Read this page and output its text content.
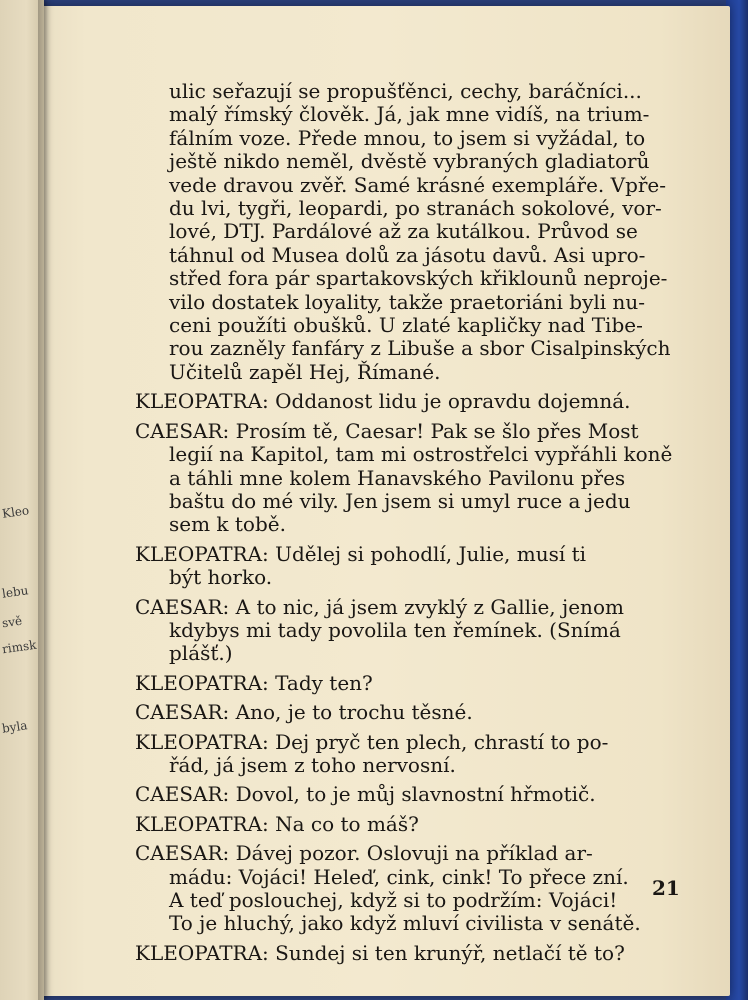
ulic seřazují se propušťěnci, cechy, baráčníci...
malý římský člověk. Já, jak mne vidíš, na trium-
fálním voze. Přede mnou, to jsem si vyžádal, to
ještě nikdo neměl, dvěstě vybraných gladiatorů
vede dravou zvěř. Samé krásné exempláře. Vpře-
du lvi, tygři, leopardi, po stranách sokolové, vor-
lové, DTJ. Pardálové až za kutálkou. Průvod se
táhnul od Musea dolů za jásotu davů. Asi upro-
střed fora pár spartakovských křiklounů neproje-
vilo dostatek loyality, takže praetoriáni byli nu-
ceni použíti obušků. U zlaté kapličky nad Tibe-
rou zazněly fanfáry z Libuše a sbor Cisalpinských
Učitelů zapěl Hej, Římané.
KLEOPATRA: Oddanost lidu je opravdu dojemná.
CAESAR: Prosím tě, Caesar! Pak se šlo přes Most
legií na Kapitol, tam mi ostrostřelci vypřáhli koně
a táhli mne kolem Hanavského Pavilonu přes
baštu do mé vily. Jen jsem si umyl ruce a jedu
sem k tobě.
KLEOPATRA: Udělej si pohodlí, Julie, musí ti
být horko.
CAESAR: A to nic, já jsem zvyklý z Gallie, jenom
kdybys mi tady povolila ten řemínek. (Snímá
plášť.)
KLEOPATRA: Tady ten?
CAESAR: Ano, je to trochu těsné.
KLEOPATRA: Dej pryč ten plech, chrastí to po-
řád, já jsem z toho nervosní.
CAESAR: Dovol, to je můj slavnostní hřmotič.
KLEOPATRA: Na co to máš?
CAESAR: Dávej pozor. Oslovuji na příklad ar-
mádu: Vojáci! Heleď, cink, cink! To přece zní.
A teď poslouchej, když si to podržím: Vojáci!
To je hluchý, jako když mluví civilista v senátě.
KLEOPATRA: Sundej si ten krunýř, netlačí tě to?
21
Kleo
lebu
svě
rimsk
byla
